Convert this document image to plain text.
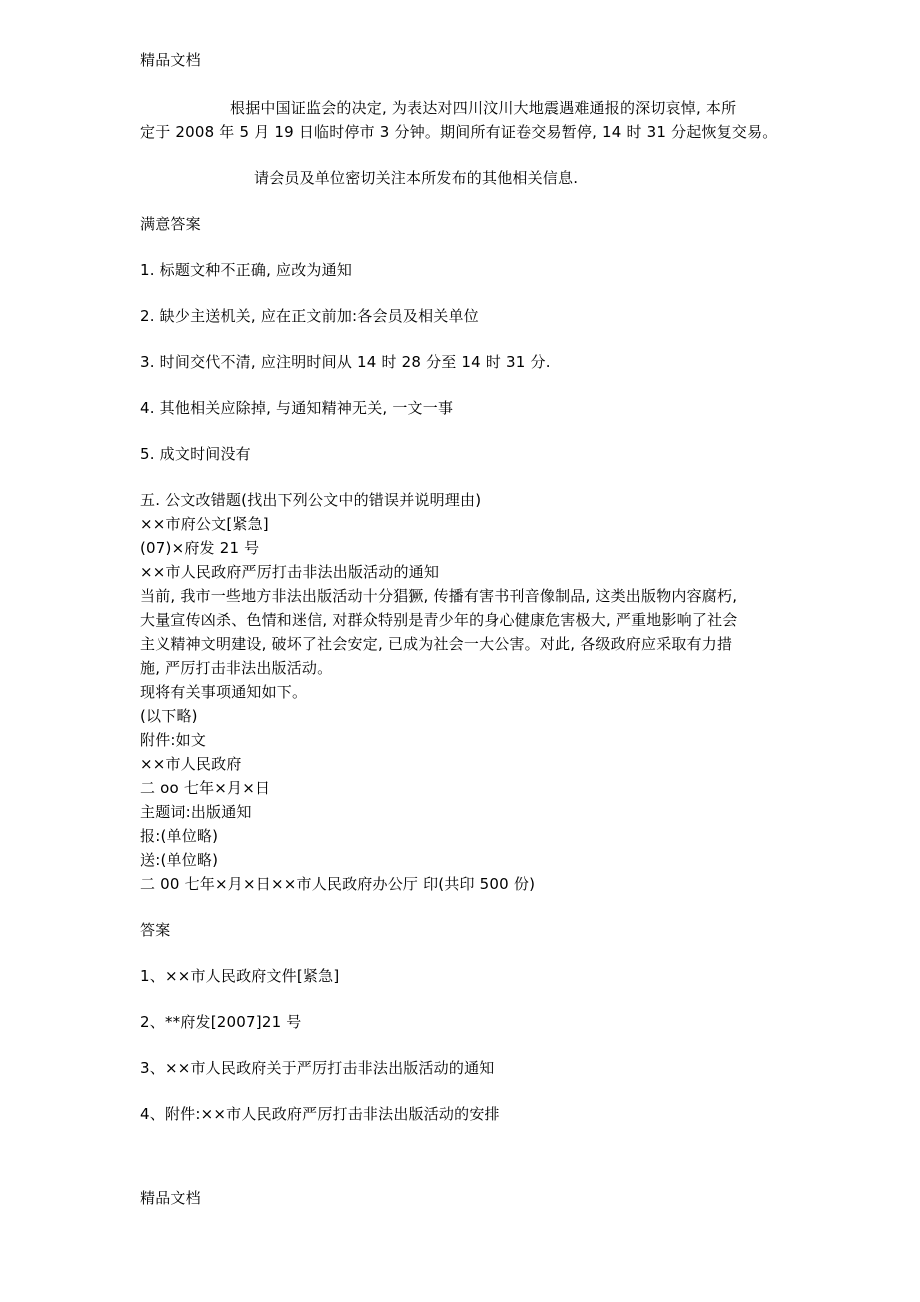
精品文档
根据中国证监会的决定, 为表达对四川汶川大地震遇难通报的深切哀悼, 本所
定于 2008 年 5 月 19 日临时停市 3 分钟。期间所有证卷交易暂停, 14 时 31 分起恢复交易。
请会员及单位密切关注本所发布的其他相关信息.
满意答案
1. 标题文种不正确, 应改为通知
2. 缺少主送机关, 应在正文前加:各会员及相关单位
3. 时间交代不清, 应注明时间从 14 时 28 分至 14 时 31 分.
4. 其他相关应除掉, 与通知精神无关, 一文一事
5. 成文时间没有
五. 公文改错题(找出下列公文中的错误并说明理由)
××市府公文[紧急]
(07)×府发 21 号
××市人民政府严厉打击非法出版活动的通知
当前, 我市一些地方非法出版活动十分猖獗, 传播有害书刊音像制品, 这类出版物内容腐朽,
大量宣传凶杀、色情和迷信, 对群众特别是青少年的身心健康危害极大, 严重地影响了社会
主义精神文明建设, 破坏了社会安定, 已成为社会一大公害。对此, 各级政府应采取有力措
施, 严厉打击非法出版活动。
现将有关事项通知如下。
(以下略)
附件:如文
××市人民政府
二 oo 七年×月×日
主题词:出版通知
报:(单位略)
送:(单位略)
二 00 七年×月×日××市人民政府办公厅 印(共印 500 份)
答案
1、××市人民政府文件[紧急]
2、**府发[2007]21 号
3、××市人民政府关于严厉打击非法出版活动的通知
4、附件:××市人民政府严厉打击非法出版活动的安排
精品文档
